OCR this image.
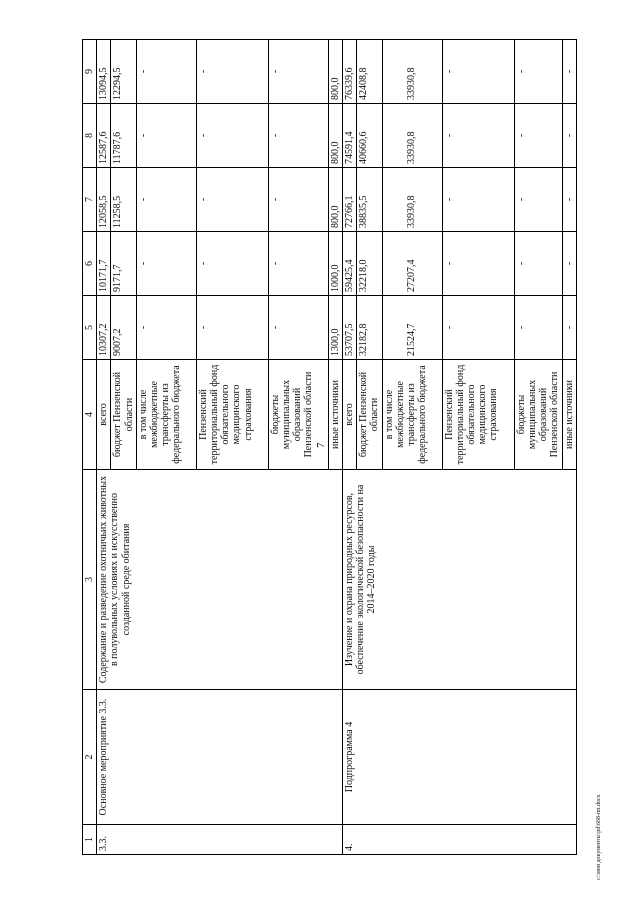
7
c:\мои документы\pd\668-пп.docx
1	2	3	4	5	6	7	8	9
3.3.	Основное мероприятие 3.3.	Содержание и разведение охотничьих животных в полувольных условиях и искусственно созданной среде обитания	всего	10307,2	10171,7	12058,5	12587,6	13094,5
			бюджет Пензенской области	9007,2	9171,7	11258,5	11787,6	12294,5
			в том числе межбюджетные трансферты из федерального бюджета	-	-	-	-	-
			Пензенский территориальный фонд обязательного медицинского страхования	-	-	-	-	-
			бюджеты муниципальных образований Пензенской области	-	-	-	-	-
			иные источники	1300,0	1000,0	800,0	800,0	800,0
4.	Подпрограмма 4	Изучение и охрана природных ресурсов, обеспечение экологической безопасности на 2014–2020 годы	всего	53707,5	59425,4	72766,1	74591,4	76339,6
			бюджет Пензенской области	32182,8	32218,0	38835,5	40660,6	42408,8
			в том числе межбюджетные трансферты из федерального бюджета	21524,7	27207,4	33930,8	33930,8	33930,8
			Пензенский территориальный фонд обязательного медицинского страхования	-	-	-	-	-
			бюджеты муниципальных образований Пензенской области	-	-	-	-	-
			иные источники	-	-	-	-	-
